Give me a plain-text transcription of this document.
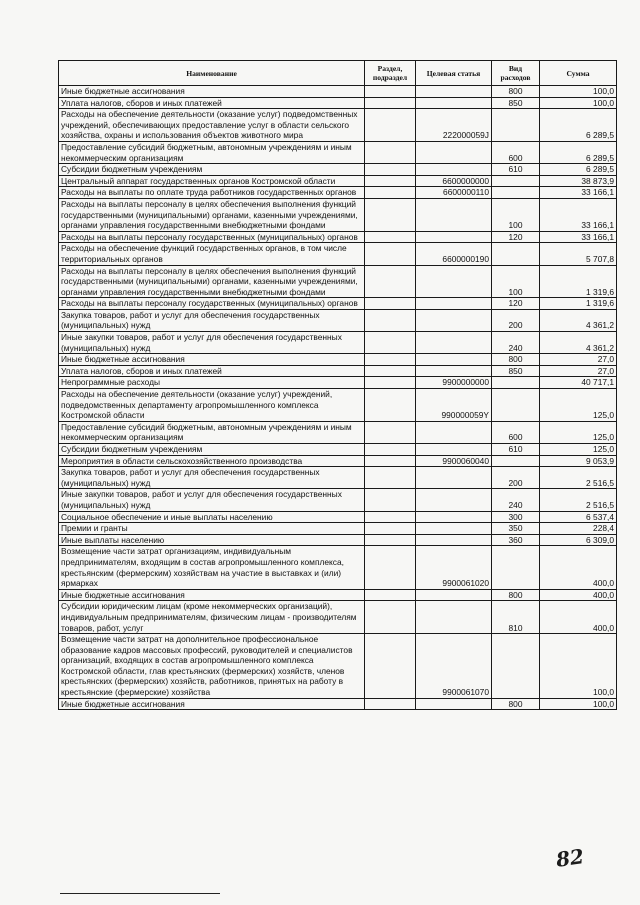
Наименование	Раздел, подраздел	Целевая статья	Вид расходов	Сумма
Иные бюджетные ассигнования			800	100,0
Уплата налогов, сборов и иных платежей			850	100,0
Расходы на обеспечение деятельности (оказание услуг) подведомственных учреждений, обеспечивающих предоставление услуг в области сельского хозяйства, охраны и использования объектов животного мира		222000059J		6 289,5
Предоставление субсидий бюджетным, автономным учреждениям и иным некоммерческим организациям			600	6 289,5
Субсидии бюджетным учреждениям			610	6 289,5
Центральный аппарат государственных органов Костромской области		6600000000		38 873,9
Расходы на выплаты по оплате труда работников государственных органов		6600000110		33 166,1
Расходы на выплаты персоналу в целях обеспечения выполнения функций государственными (муниципальными) органами, казенными учреждениями, органами управления государственными внебюджетными фондами			100	33 166,1
Расходы на выплаты персоналу государственных (муниципальных) органов			120	33 166,1
Расходы на обеспечение функций государственных органов, в том числе территориальных органов		6600000190		5 707,8
Расходы на выплаты персоналу в целях обеспечения выполнения функций государственными (муниципальными) органами, казенными учреждениями, органами управления государственными внебюджетными фондами			100	1 319,6
Расходы на выплаты персоналу государственных (муниципальных) органов			120	1 319,6
Закупка товаров, работ и услуг для обеспечения государственных (муниципальных) нужд			200	4 361,2
Иные закупки товаров, работ и услуг для обеспечения государственных (муниципальных) нужд			240	4 361,2
Иные бюджетные ассигнования			800	27,0
Уплата налогов, сборов и иных платежей			850	27,0
Непрограммные расходы		9900000000		40 717,1
Расходы на обеспечение деятельности (оказание услуг) учреждений, подведомственных департаменту агропромышленного комплекса Костромской области		990000059Y		125,0
Предоставление субсидий бюджетным, автономным учреждениям и иным некоммерческим организациям			600	125,0
Субсидии бюджетным учреждениям			610	125,0
Мероприятия в области сельскохозяйственного производства		9900060040		9 053,9
Закупка товаров, работ и услуг для обеспечения государственных (муниципальных) нужд			200	2 516,5
Иные закупки товаров, работ и услуг для обеспечения государственных (муниципальных) нужд			240	2 516,5
Социальное обеспечение и иные выплаты населению			300	6 537,4
Премии и гранты			350	228,4
Иные выплаты населению			360	6 309,0
Возмещение части затрат организациям, индивидуальным предпринимателям, входящим в состав агропромышленного комплекса, крестьянским (фермерским) хозяйствам на участие в выставках и (или) ярмарках		9900061020		400,0
Иные бюджетные ассигнования			800	400,0
Субсидии юридическим лицам (кроме некоммерческих организаций), индивидуальным предпринимателям, физическим лицам - производителям товаров, работ, услуг			810	400,0
Возмещение части затрат на дополнительное профессиональное образование кадров массовых профессий, руководителей и специалистов организаций, входящих в состав агропромышленного комплекса Костромской области, глав крестьянских (фермерских) хозяйств, членов крестьянских (фермерских) хозяйств, работников, принятых на работу в крестьянские (фермерские) хозяйства		9900061070		100,0
Иные бюджетные ассигнования			800	100,0
82
